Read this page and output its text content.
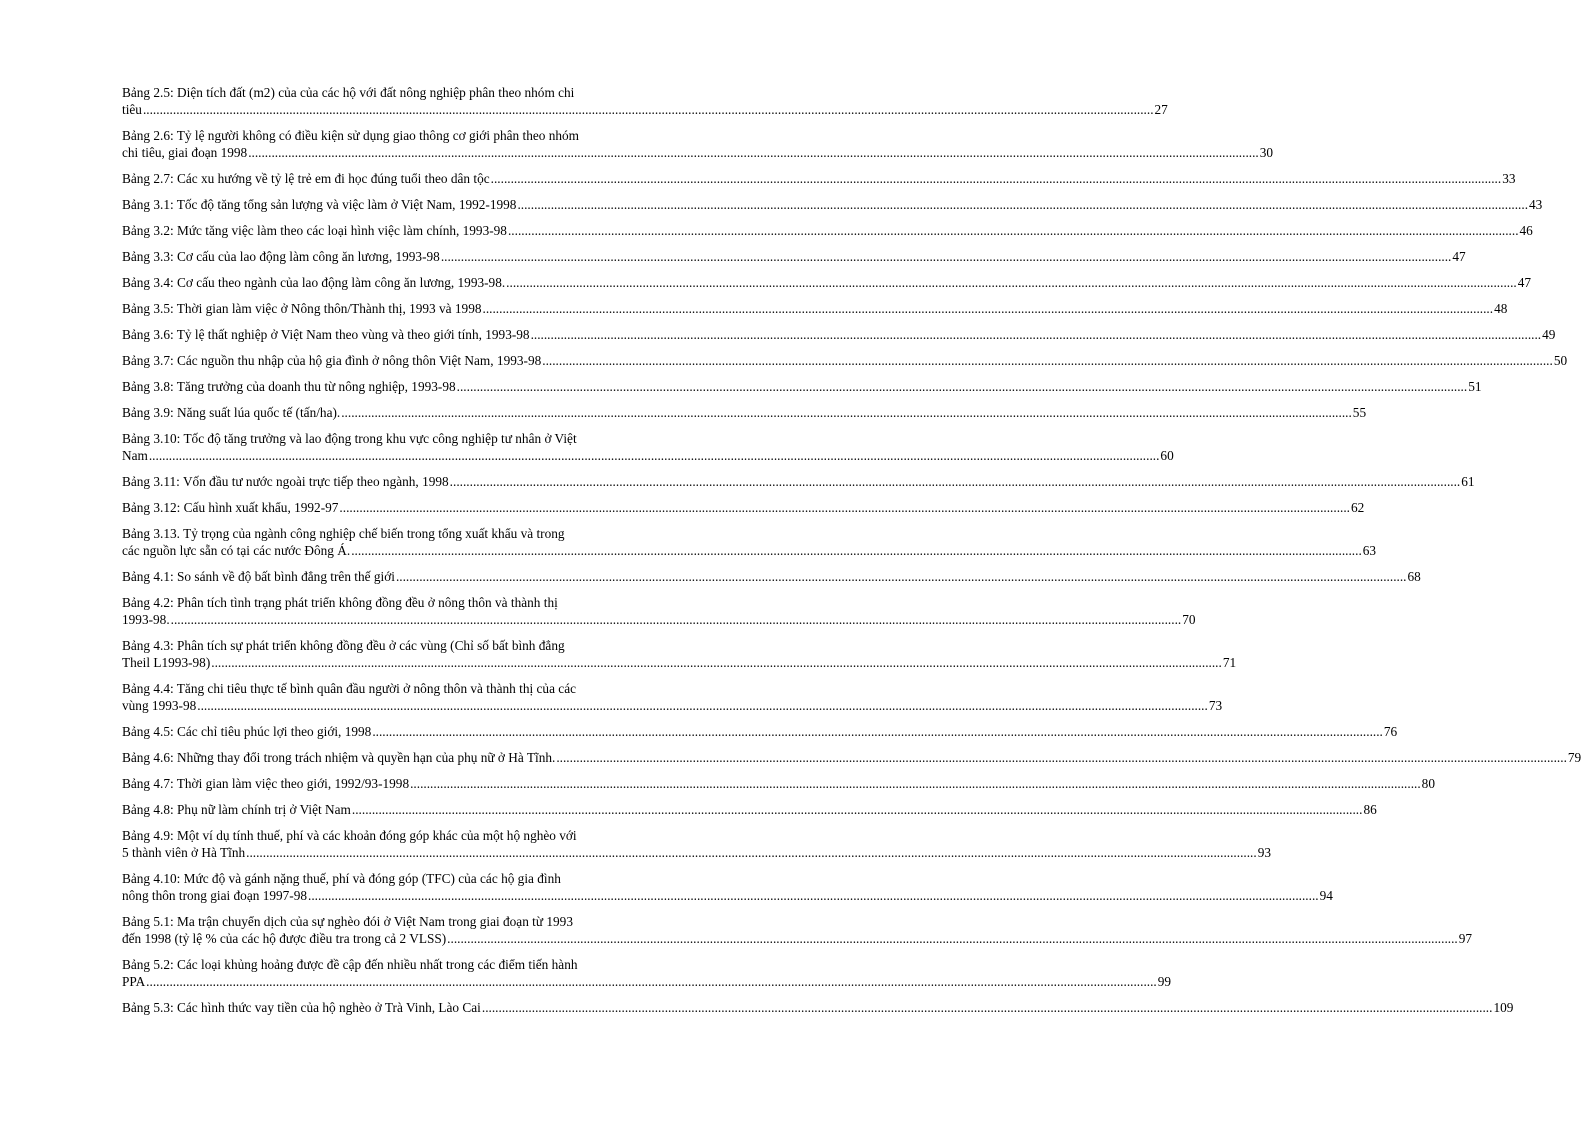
Bảng 2.5: Diện tích đất (m2) của của các hộ với đất nông nghiệp phân theo nhóm chi
tiêu ................................................................................................................................................................................................................................................................................................................ 27
Bảng 2.6: Tỷ lệ người không có điều kiện sử dụng giao thông cơ giới phân theo nhóm
chi tiêu, giai đoạn 1998 ................................................................................................................................................................................................................................................................................................................ 30
Bảng 2.7: Các xu hướng về tỷ lệ trẻ em đi học đúng tuổi theo dân tộc ................................................................................................................................................................................................................................................................................................................ 33
Bảng 3.1: Tốc độ tăng tổng sản lượng và việc làm ở Việt Nam, 1992-1998 ................................................................................................................................................................................................................................................................................................................ 43
Bảng 3.2: Mức tăng việc làm theo các loại hình việc làm chính, 1993-98 ................................................................................................................................................................................................................................................................................................................ 46
Bảng 3.3: Cơ cấu của lao động làm công ăn lương, 1993-98 ................................................................................................................................................................................................................................................................................................................ 47
Bảng 3.4: Cơ cấu theo ngành của lao động làm công ăn lương, 1993-98. ................................................................................................................................................................................................................................................................................................................ 47
Bảng 3.5: Thời gian làm việc ở Nông thôn/Thành thị, 1993 và 1998 ................................................................................................................................................................................................................................................................................................................ 48
Bảng 3.6: Tỷ lệ thất nghiệp ở Việt Nam theo vùng và theo giới tính, 1993-98 ................................................................................................................................................................................................................................................................................................................ 49
Bảng 3.7: Các nguồn thu nhập của hộ gia đình ở nông thôn Việt Nam, 1993-98 ................................................................................................................................................................................................................................................................................................................ 50
Bảng 3.8: Tăng trưởng của doanh thu từ nông nghiệp, 1993-98 ................................................................................................................................................................................................................................................................................................................ 51
Bảng 3.9: Năng suất lúa quốc tế (tấn/ha). ................................................................................................................................................................................................................................................................................................................ 55
Bảng 3.10: Tốc độ tăng trưởng và lao động trong khu vực công nghiệp tư nhân ở Việt
Nam ................................................................................................................................................................................................................................................................................................................ 60
Bảng 3.11: Vốn đầu tư nước ngoài trực tiếp theo ngành, 1998 ................................................................................................................................................................................................................................................................................................................ 61
Bảng 3.12: Cấu hình xuất khẩu, 1992-97 ................................................................................................................................................................................................................................................................................................................ 62
Bảng 3.13. Tỷ trọng của ngành công nghiệp chế biến trong tổng xuất khẩu và trong
các nguồn lực sẵn có tại các nước Đông Á. ................................................................................................................................................................................................................................................................................................................ 63
Bảng 4.1: So sánh về độ bất bình đẳng trên thế giới ................................................................................................................................................................................................................................................................................................................ 68
Bảng 4.2: Phân tích tình trạng phát triển không đồng đều ở nông thôn và thành thị
1993-98. ................................................................................................................................................................................................................................................................................................................ 70
Bảng 4.3: Phân tích sự phát triển không đồng đều ở các vùng (Chỉ số bất bình đẳng
Theil L1993-98) ................................................................................................................................................................................................................................................................................................................ 71
Bảng 4.4: Tăng chi tiêu thực tế bình quân đầu người ở nông thôn và thành thị của các
vùng 1993-98 ................................................................................................................................................................................................................................................................................................................ 73
Bảng 4.5: Các chỉ tiêu phúc lợi theo giới, 1998 ................................................................................................................................................................................................................................................................................................................ 76
Bảng 4.6: Những thay đổi trong trách nhiệm và quyền hạn của phụ nữ ở Hà Tĩnh. ................................................................................................................................................................................................................................................................................................................ 79
Bảng 4.7: Thời gian làm việc theo giới, 1992/93-1998 ................................................................................................................................................................................................................................................................................................................ 80
Bảng 4.8: Phụ nữ làm chính trị ở Việt Nam ................................................................................................................................................................................................................................................................................................................ 86
Bảng 4.9: Một ví dụ tính thuế, phí và các khoản đóng góp khác của một hộ nghèo với
5 thành viên ở Hà Tĩnh ................................................................................................................................................................................................................................................................................................................ 93
Bảng 4.10: Mức độ và gánh nặng thuế, phí và đóng góp (TFC) của các hộ gia đình
nông thôn trong giai đoạn 1997-98 ................................................................................................................................................................................................................................................................................................................ 94
Bảng 5.1: Ma trận chuyển dịch của sự nghèo đói ở Việt Nam trong giai đoạn từ 1993
đến 1998 (tỷ lệ % của các hộ được điều tra trong cả 2 VLSS) ................................................................................................................................................................................................................................................................................................................ 97
Bảng 5.2: Các loại khủng hoảng được đề cập đến nhiều nhất trong các điểm tiến hành
PPA ................................................................................................................................................................................................................................................................................................................ 99
Bảng 5.3: Các hình thức vay tiền của hộ nghèo ở Trà Vinh, Lào Cai ................................................................................................................................................................................................................................................................................................................ 109
